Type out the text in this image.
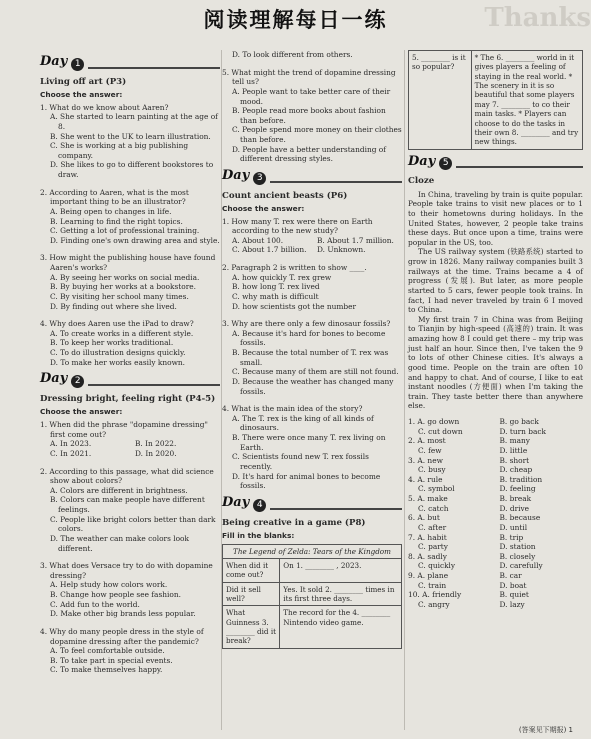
Thanks
阅读理解每日一练
Day 1
Living off art (P3)
Choose the answer:
1. What do we know about Aaren?
A. She started to learn painting at the age of 8.
B. She went to the UK to learn illustration.
C. She is working at a big publishing company.
D. She likes to go to different bookstores to draw.
2. According to Aaren, what is the most important thing to be an illustrator?
A. Being open to changes in life.
B. Learning to find the right topics.
C. Getting a lot of professional training.
D. Finding one's own drawing area and style.
3. How might the publishing house have found Aaren's works?
A. By seeing her works on social media.
B. By buying her works at a bookstore.
C. By visiting her school many times.
D. By finding out where she lived.
4. Why does Aaren use the iPad to draw?
A. To create works in a different style.
B. To keep her works traditional.
C. To do illustration designs quickly.
D. To make her works easily known.
Day 2
Dressing bright, feeling right (P4-5)
Choose the answer:
1. When did the phrase "dopamine dressing" first come out?
A. In 2023.	B. In 2022.
C. In 2021.	D. In 2020.
2. According to this passage, what did science show about colors?
A. Colors are different in brightness.
B. Colors can make people have different feelings.
C. People like bright colors better than dark colors.
D. The weather can make colors look different.
3. What does Versace try to do with dopamine dressing?
A. Help study how colors work.
B. Change how people see fashion.
C. Add fun to the world.
D. Make other big brands less popular.
4. Why do many people dress in the style of dopamine dressing after the pandemic?
A. To feel comfortable outside.
B. To take part in special events.
C. To make themselves happy.
D. To look different from others.
5. What might the trend of dopamine dressing tell us?
A. People want to take better care of their mood.
B. People read more books about fashion than before.
C. People spend more money on their clothes than before.
D. People have a better understanding of different dressing styles.
Day 3
Count ancient beasts (P6)
Choose the answer:
1. How many T. rex were there on Earth according to the new study?
A. About 100.	B. About 1.7 million.
C. About 1.7 billion.	D. Unknown.
2. Paragraph 2 is written to show ____.
A. how quickly T. rex grew
B. how long T. rex lived
C. why math is difficult
D. how scientists got the number
3. Why are there only a few dinosaur fossils?
A. Because it's hard for bones to become fossils.
B. Because the total number of T. rex was small.
C. Because many of them are still not found.
D. Because the weather has changed many fossils.
4. What is the main idea of the story?
A. The T. rex is the king of all kinds of dinosaurs.
B. There were once many T. rex living on Earth.
C. Scientists found new T. rex fossils recently.
D. It's hard for animal bones to become fossils.
Day 4
Being creative in a game (P8)
Fill in the blanks:
The Legend of Zelda: Tears of the Kingdom	
When did it come out?	On 1. ________ , 2023.
Did it sell well?	Yes. It sold 2. ________ times in its first three days.
What Guinness 3. ________ did it break?	The record for the 4. ________ Nintendo video game.
5. ________ is it so popular?	* The 6. ________ world in it gives players a feeling of staying in the real world. * The scenery in it is so beautiful that some players may 7. ________ to co their main tasks. * Players can choose to do the tasks in their own 8. ________ and try new things.
Day 5
Cloze

In China, traveling by train is quite popular. People take trains to visit new places or to 1 to their hometowns during holidays. In the United States, however, 2 people take trains these days. But once upon a time, trains were popular in the US, too.

The US railway system (铁路系统) started to grow in 1826. Many railway companies built 3 railways at the time. Trains became a 4 of progress (发展). But later, as more people started to 5 cars, fewer people took trains. In fact, I had never traveled by train 6 I moved to China.

My first train 7 in China was from Beijing to Tianjin by high-speed (高速的) train. It was amazing how 8 I could get there – my trip was just half an hour. Since then, I've taken the 9 to lots of other Chinese cities. It's always a good time. People on the train are often 10 and happy to chat. And of course, I like to eat instant noodles (方便面) when I'm taking the train. They taste better there than anywhere else.

1. A. go down	B. go back
C. cut down	D. turn back
2. A. most	B. many
C. few	D. little
3. A. new	B. short
C. busy	D. cheap
4. A. rule	B. tradition
C. symbol	D. feeling
5. A. make	B. break
C. catch	D. drive
6. A. but	B. because
C. after	D. until
7. A. habit	B. trip
C. party	D. station
8. A. sadly	B. closely
C. quickly	D. carefully
9. A. plane	B. car
C. train	D. boat
10. A. friendly	B. quiet
C. angry	D. lazy
(答案见下期报) 1
